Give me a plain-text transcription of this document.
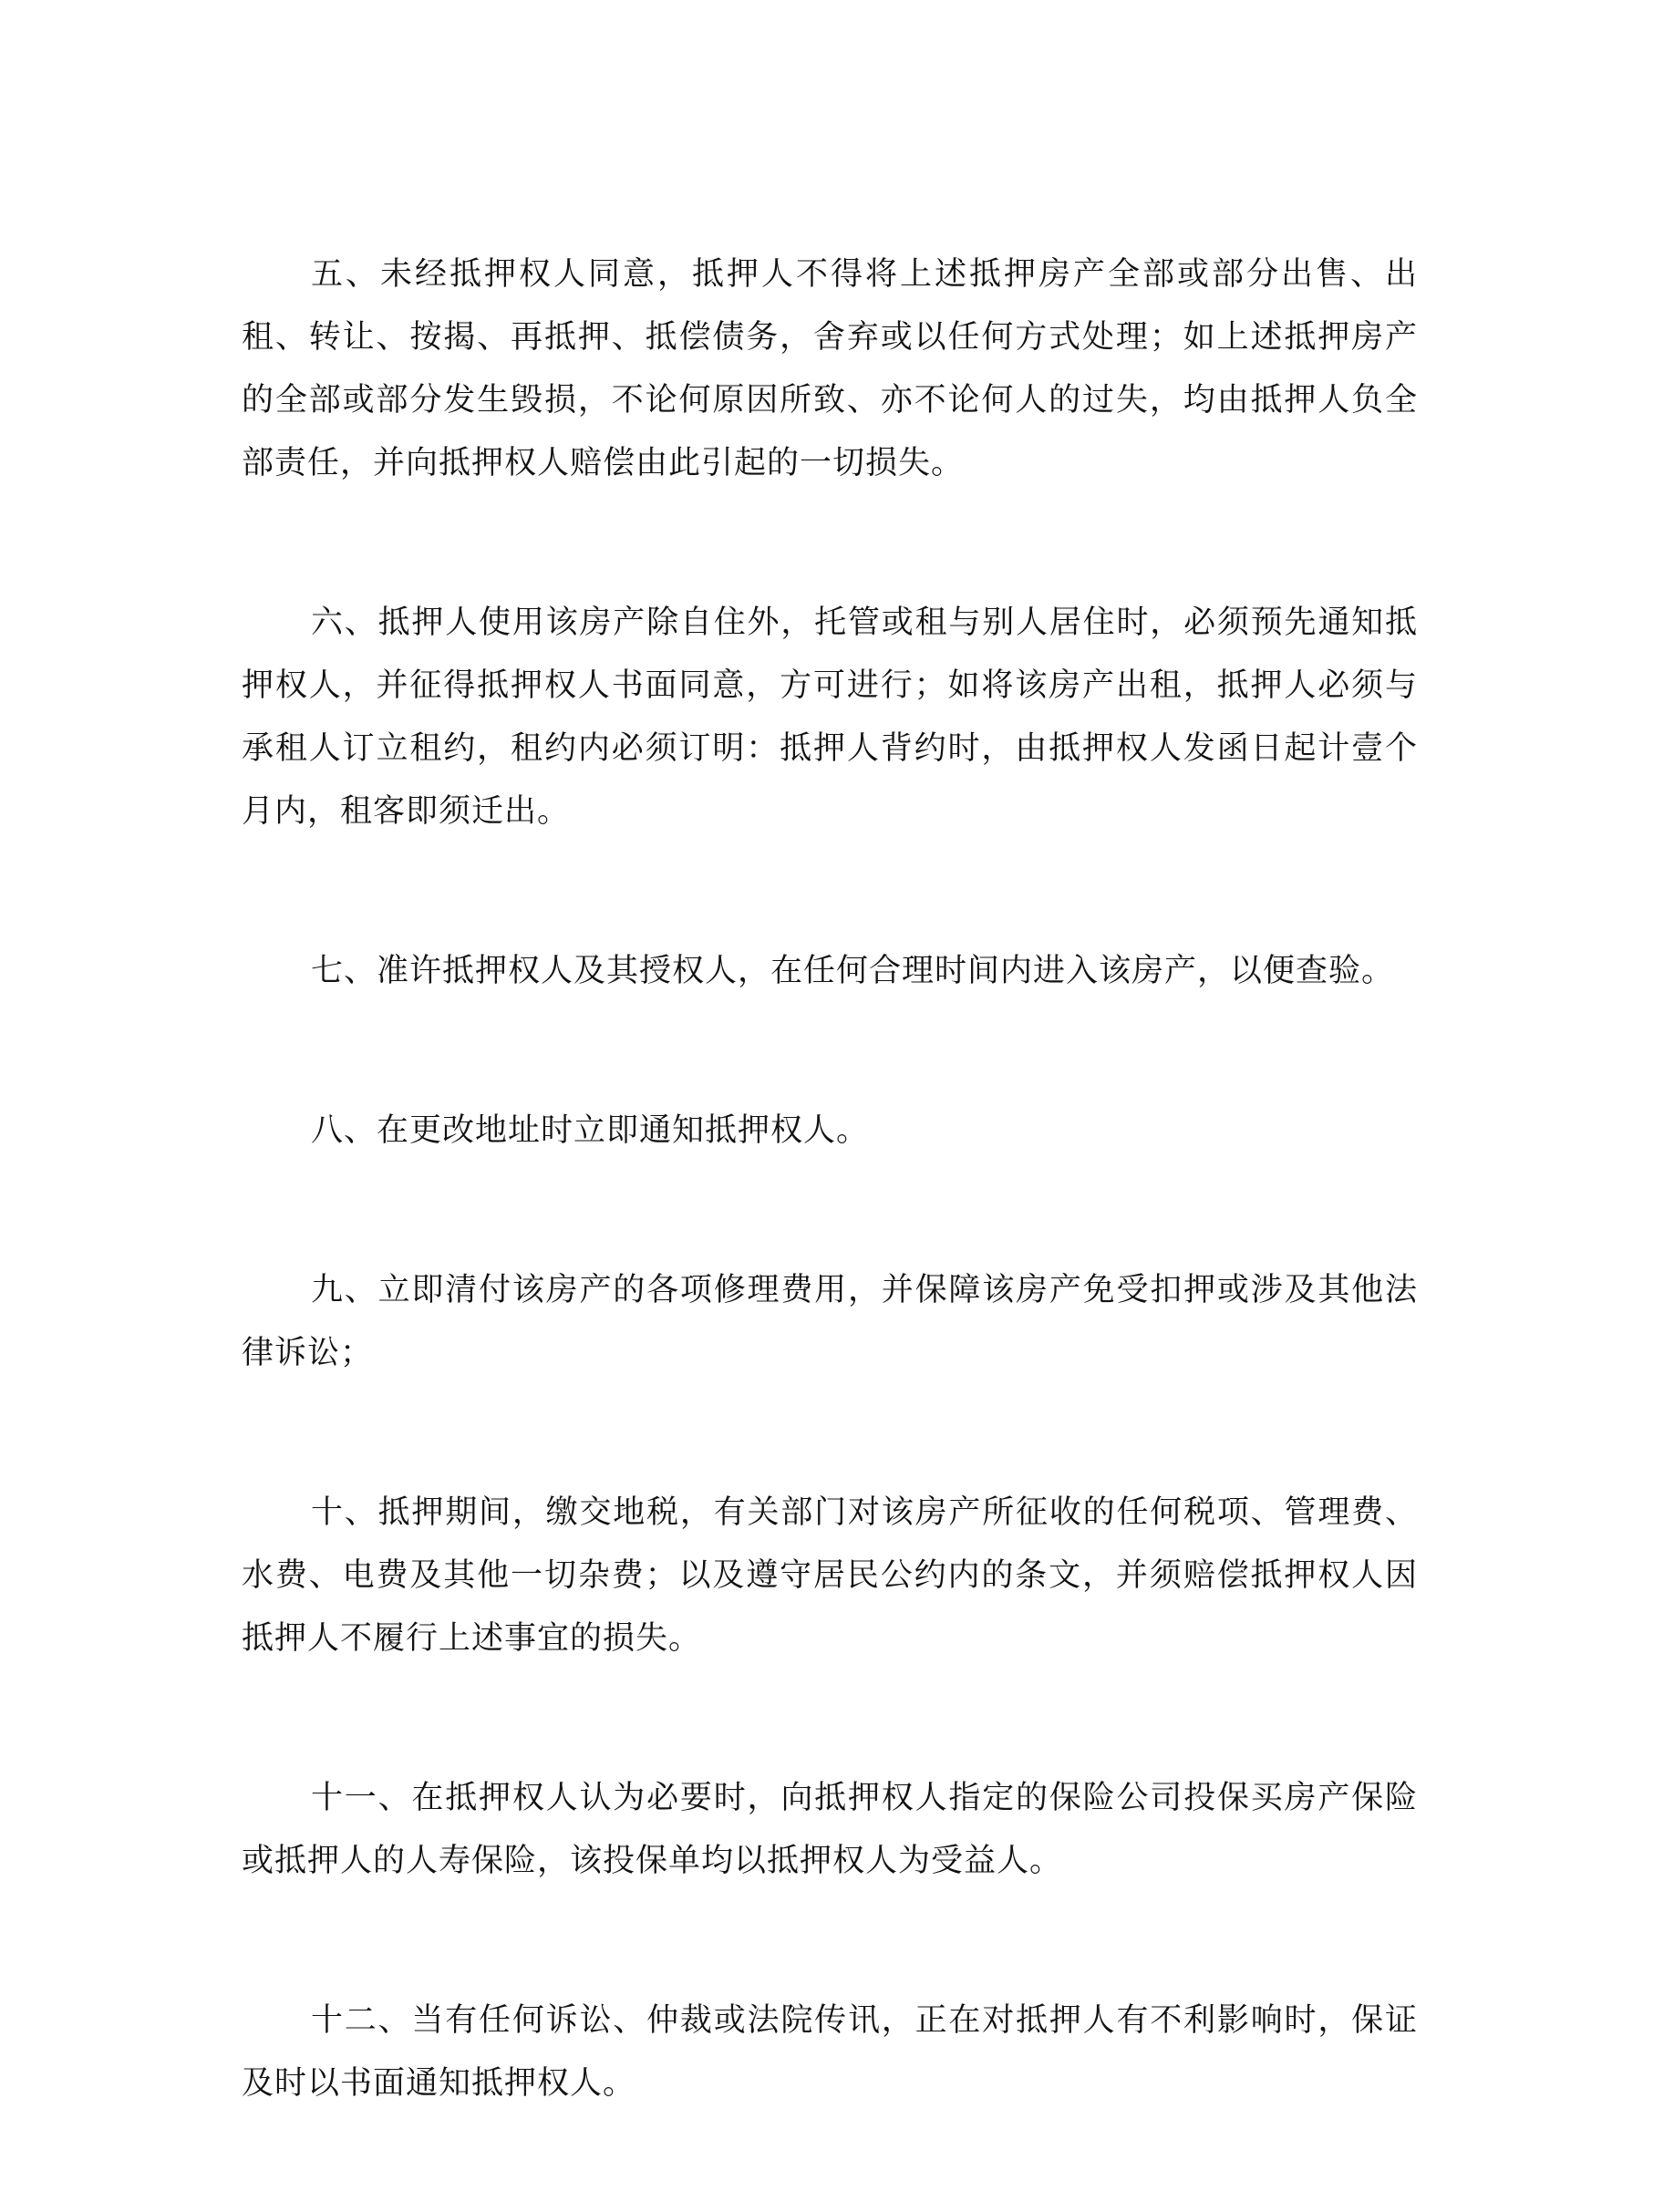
五、未经抵押权人同意，抵押人不得将上述抵押房产全部或部分出售、出租、转让、按揭、再抵押、抵偿债务，舍弃或以任何方式处理；如上述抵押房产的全部或部分发生毁损，不论何原因所致、亦不论何人的过失，均由抵押人负全部责任，并向抵押权人赔偿由此引起的一切损失。

六、抵押人使用该房产除自住外，托管或租与别人居住时，必须预先通知抵押权人，并征得抵押权人书面同意，方可进行；如将该房产出租，抵押人必须与承租人订立租约，租约内必须订明：抵押人背约时，由抵押权人发函日起计壹个月内，租客即须迁出。

七、准许抵押权人及其授权人，在任何合理时间内进入该房产，以便查验。

八、在更改地址时立即通知抵押权人。

九、立即清付该房产的各项修理费用，并保障该房产免受扣押或涉及其他法律诉讼；

十、抵押期间，缴交地税，有关部门对该房产所征收的任何税项、管理费、水费、电费及其他一切杂费；以及遵守居民公约内的条文，并须赔偿抵押权人因抵押人不履行上述事宜的损失。

十一、在抵押权人认为必要时，向抵押权人指定的保险公司投保买房产保险或抵押人的人寿保险，该投保单均以抵押权人为受益人。

十二、当有任何诉讼、仲裁或法院传讯，正在对抵押人有不利影响时，保证及时以书面通知抵押权人。
